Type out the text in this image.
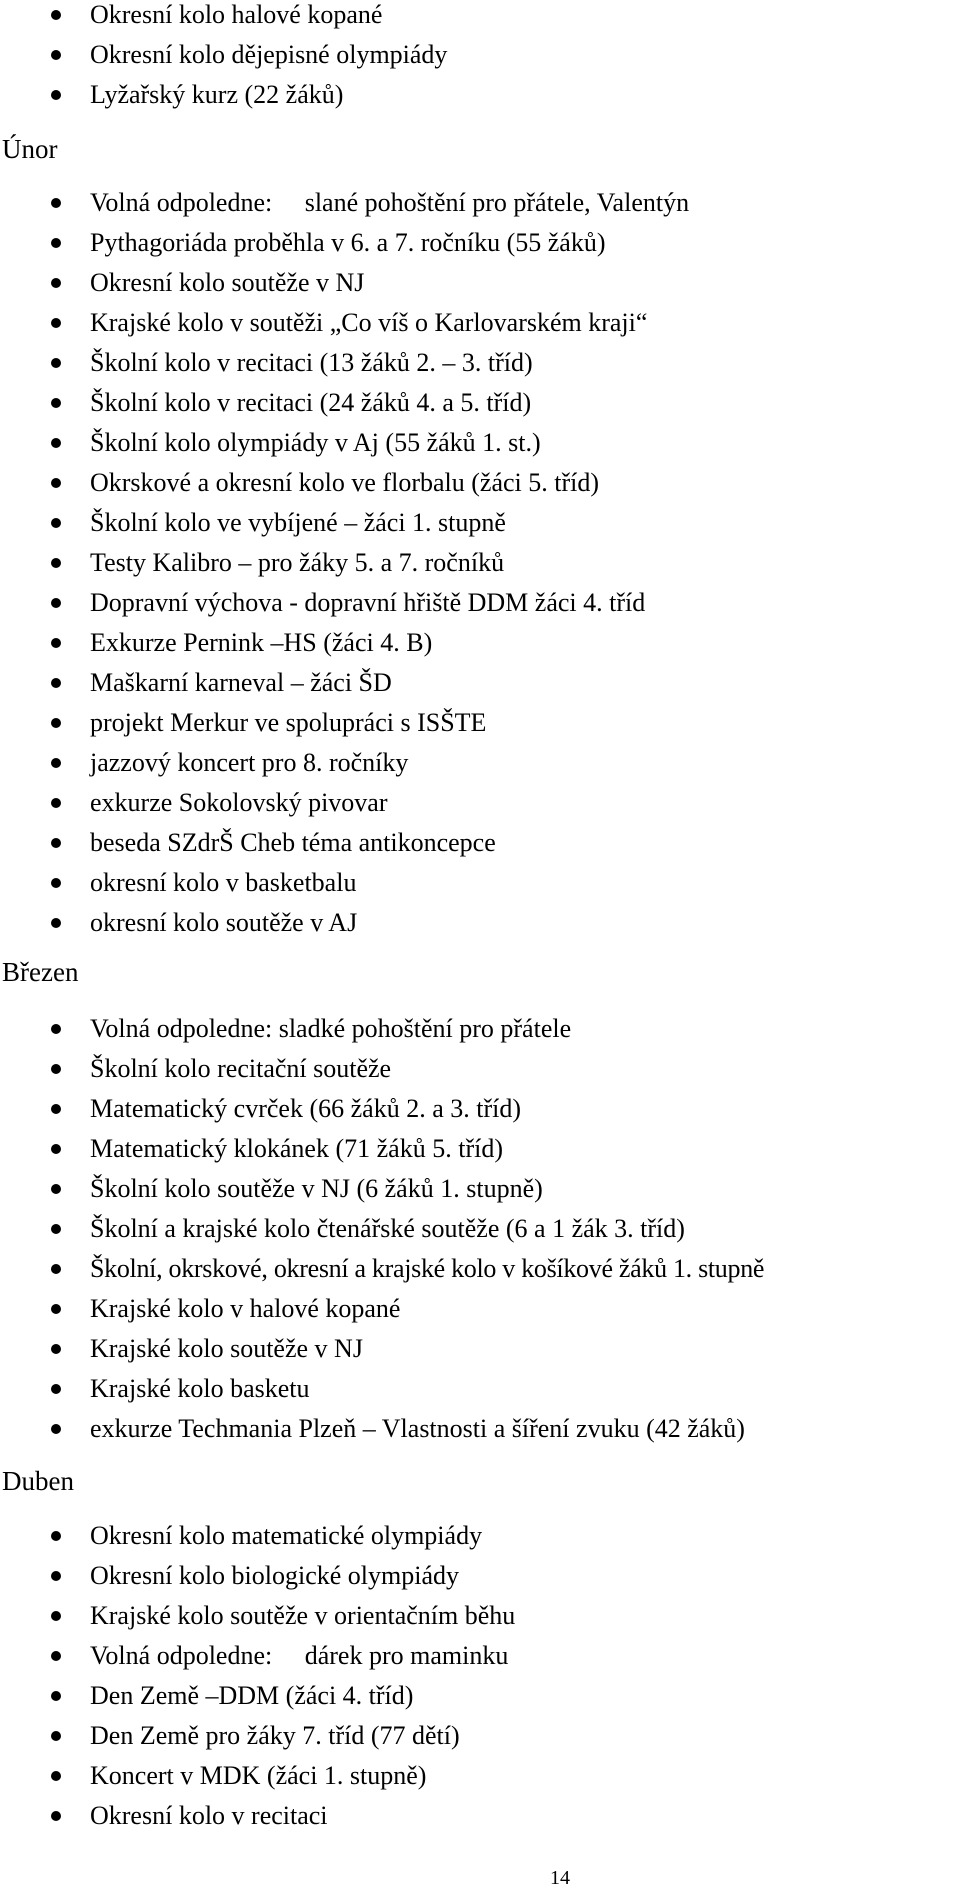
Okresní kolo halové kopané
Okresní kolo dějepisné olympiády
Lyžařský kurz (22 žáků)
Únor
Volná odpoledne:     slané pohoštění pro přátele, Valentýn
Pythagoriáda proběhla v 6. a 7. ročníku (55 žáků)
Okresní kolo soutěže v NJ
Krajské kolo v soutěži „Co víš o Karlovarském kraji“
Školní kolo v recitaci (13 žáků 2. – 3. tříd)
Školní kolo v recitaci (24 žáků 4. a 5. tříd)
Školní kolo olympiády v Aj (55 žáků 1. st.)
Okrskové a okresní kolo ve florbalu (žáci 5. tříd)
Školní kolo ve vybíjené – žáci 1. stupně
Testy Kalibro – pro žáky 5. a 7. ročníků
Dopravní výchova - dopravní hřiště DDM žáci 4. tříd
Exkurze Pernink –HS (žáci 4. B)
Maškarní karneval – žáci ŠD
projekt Merkur ve spolupráci s ISŠTE
jazzový koncert pro 8. ročníky
exkurze Sokolovský pivovar
beseda SZdrŠ Cheb téma antikoncepce
okresní kolo v basketbalu
okresní kolo soutěže v AJ
Březen
Volná odpoledne: sladké pohoštění pro přátele
Školní kolo recitační soutěže
Matematický cvrček (66 žáků 2. a 3. tříd)
Matematický klokánek (71 žáků 5. tříd)
Školní kolo soutěže v NJ (6 žáků 1. stupně)
Školní a krajské kolo čtenářské soutěže (6 a 1 žák 3. tříd)
Školní, okrskové, okresní a krajské kolo v košíkové žáků 1. stupně
Krajské kolo v halové kopané
Krajské kolo soutěže v NJ
Krajské kolo basketu
exkurze Techmania Plzeň – Vlastnosti a šíření zvuku (42 žáků)
Duben
Okresní kolo matematické olympiády
Okresní kolo biologické olympiády
Krajské kolo soutěže v orientačním běhu
Volná odpoledne:     dárek pro maminku
Den Země –DDM (žáci 4. tříd)
Den Země pro žáky 7. tříd (77 dětí)
Koncert v MDK (žáci 1. stupně)
Okresní kolo v recitaci
14
